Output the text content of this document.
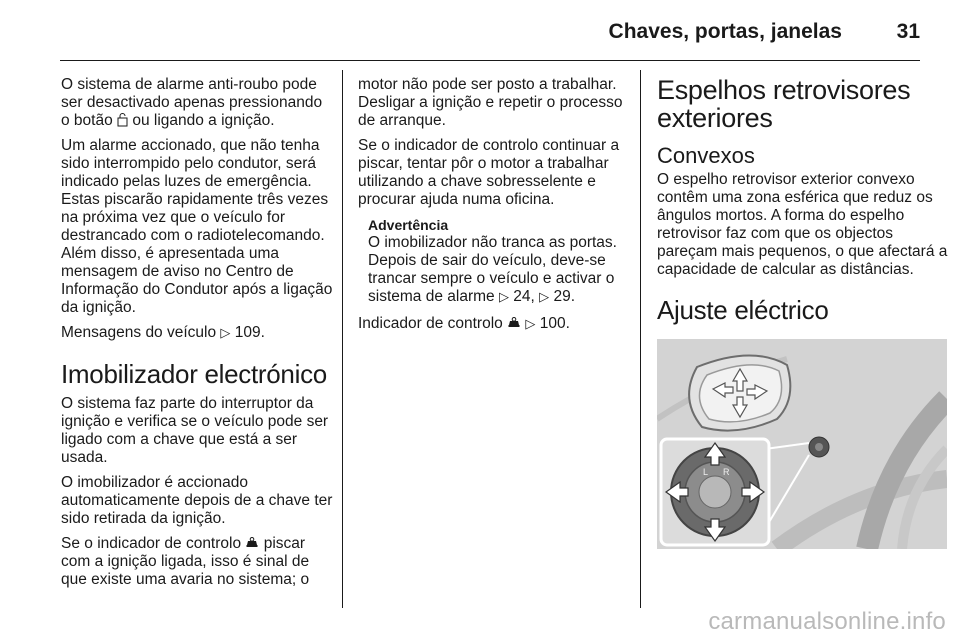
Chaves, portas, janelas	31

O sistema de alarme anti-roubo pode ser desactivado apenas pressionando o botão ou ligando a ignição.

Um alarme accionado, que não tenha sido interrompido pelo condutor, será indicado pelas luzes de emergência. Estas piscarão rapidamente três vezes na próxima vez que o veículo for destrancado com o radiotelecomando. Além disso, é apresentada uma mensagem de aviso no Centro de Informação do Condutor após a ligação da ignição.

Mensagens do veículo ▷ 109.

Imobilizador electrónico

O sistema faz parte do interruptor da ignição e verifica se o veículo pode ser ligado com a chave que está a ser usada.

O imobilizador é accionado automaticamente depois de a chave ter sido retirada da ignição.

Se o indicador de controlo piscar com a ignição ligada, isso é sinal de que existe uma avaria no sistema; o

motor não pode ser posto a trabalhar. Desligar a ignição e repetir o processo de arranque.

Se o indicador de controlo continuar a piscar, tentar pôr o motor a trabalhar utilizando a chave sobresselente e procurar ajuda numa oficina.

Advertência
O imobilizador não tranca as portas. Depois de sair do veículo, deve-se trancar sempre o veículo e activar o sistema de alarme ▷ 24, ▷ 29.

Indicador de controlo ▷ 100.

Espelhos retrovisores exteriores
Convexos

O espelho retrovisor exterior convexo contêm uma zona esférica que reduz os ângulos mortos. A forma do espelho retrovisor faz com que os objectos pareçam mais pequenos, o que afectará a capacidade de calcular as distâncias.

Ajuste eléctrico
L R
carmanualsonline.info
